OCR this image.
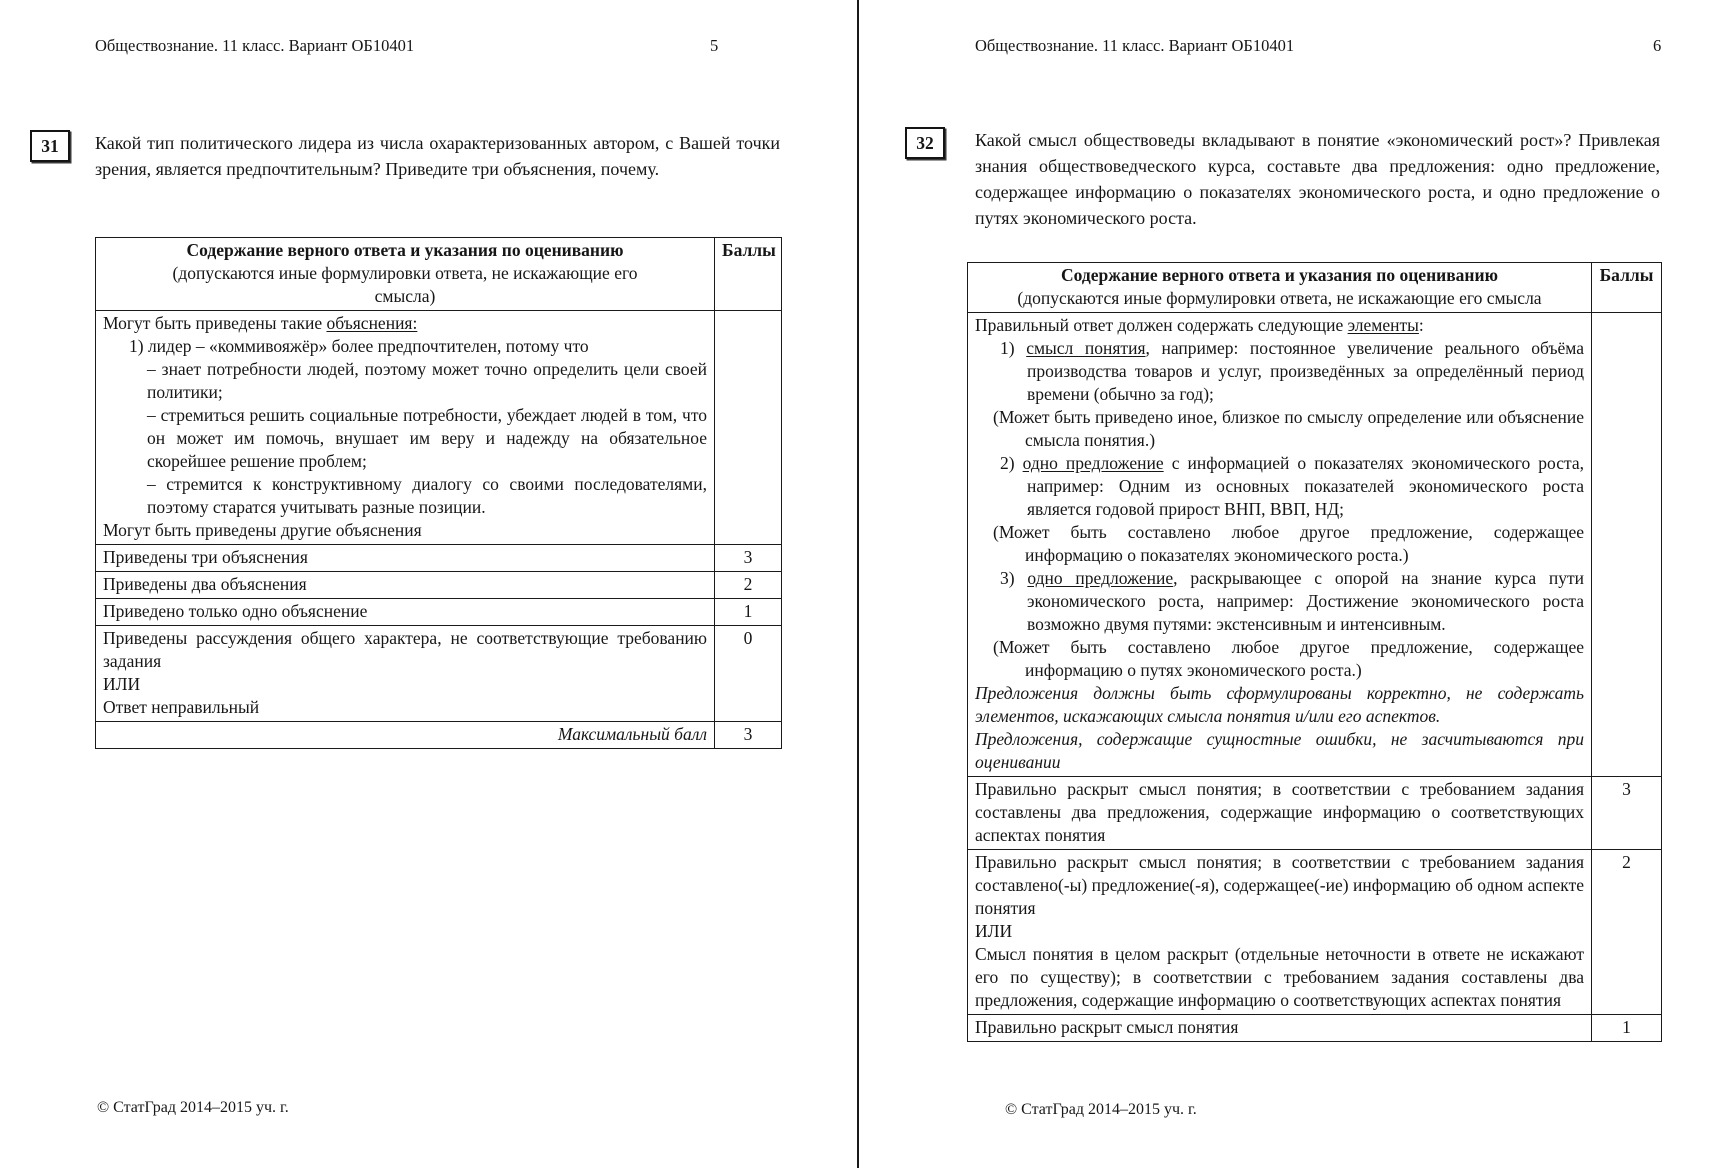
Обществознание. 11 класс. Вариант ОБ10401	5
31 Какой тип политического лидера из числа охарактеризованных автором, с Вашей точки зрения, является предпочтительным? Приведите три объяснения, почему.
Содержание верного ответа и указания по оцениванию
(допускаются иные формулировки ответа, не искажающие его смысла)	Баллы

Могут быть приведены такие объяснения:
1) лидер – «коммивояжёр» более предпочтителен, потому что
– знает потребности людей, поэтому может точно определить цели своей политики;
– стремиться решить социальные потребности, убеждает людей в том, что он может им помочь, внушает им веру и надежду на обязательное скорейшее решение проблем;
– стремится к конструктивному диалогу со своими последователями, поэтому старатся учитывать разные позиции.
Могут быть приведены другие объяснения

Приведены три объяснения	3
Приведены два объяснения	2
Приведено только одно объяснение	1

Приведены рассуждения общего характера, не соответствующие требованию задания
ИЛИ
Ответ неправильный	0
Максимальный балл	3
© СтатГрад 2014–2015 уч. г.
Обществознание. 11 класс. Вариант ОБ10401	6
32 Какой смысл обществоведы вкладывают в понятие «экономический рост»? Привлекая знания обществоведческого курса, составьте два предложения: одно предложение, содержащее информацию о показателях экономического роста, и одно предложение о путях экономического роста.
Содержание верного ответа и указания по оцениванию
(допускаются иные формулировки ответа, не искажающие его смысла	Баллы

Правильный ответ должен содержать следующие элементы:
1) смысл понятия, например: постоянное увеличение реального объёма производства товаров и услуг, произведённых за определённый период времени (обычно за год);
(Может быть приведено иное, близкое по смыслу определение или объяснение смысла понятия.)
2) одно предложение с информацией о показателях экономического роста, например: Одним из основных показателей экономического роста является годовой прирост ВНП, ВВП, НД;
(Может быть составлено любое другое предложение, содержащее информацию о показателях экономического роста.)
3) одно предложение, раскрывающее с опорой на знание курса пути экономического роста, например: Достижение экономического роста возможно двумя путями: экстенсивным и интенсивным.
(Может быть составлено любое другое предложение, содержащее информацию о путях экономического роста.)
Предложения должны быть сформулированы корректно, не содержать элементов, искажающих смысла понятия и/или его аспектов.
Предложения, содержащие сущностные ошибки, не засчитываются при оценивании

Правильно раскрыт смысл понятия; в соответствии с требованием задания составлены два предложения, содержащие информацию о соответствующих аспектах понятия	3

Правильно раскрыт смысл понятия; в соответствии с требованием задания составлено(-ы) предложение(-я), содержащее(-ие) информацию об одном аспекте понятия
ИЛИ
Смысл понятия в целом раскрыт (отдельные неточности в ответе не искажают его по существу); в соответствии с требованием задания составлены два предложения, содержащие информацию о соответствующих аспектах понятия	2
Правильно раскрыт смысл понятия	1
© СтатГрад 2014–2015 уч. г.
